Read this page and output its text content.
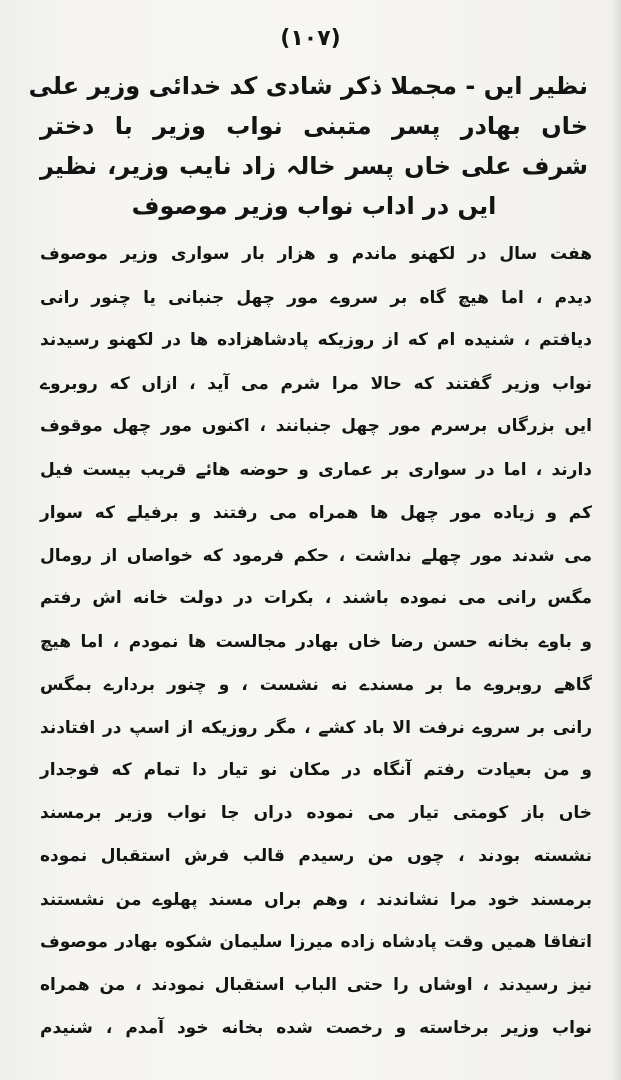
(۱۰۷)
نظیر ایں - مجملا ذکر شادی کد خدائی وزیر علی
خاں بهادر پسر متبنی نواب وزیر با دختر
شرف علی خاں پسر خالہ زاد نایب وزیر، نظیر
ایں در اداب نواب وزیر موصوف
هفت سال در لکهنو ماندم و هزار بار سواری وزیر موصوف
دیدم ، اما هیچ گاه بر سروے مور چهل جنبانی یا چنور رانی
دیافتم ، شنیده ام که از روزیکه پادشاهزاده ها در لکهنو رسیدند
نواب وزیر گفتند که حالا مرا شرم می آید ، ازاں که روبروے
ایں بزرگاں برسرم مور چهل جنبانند ، اکنوں مور چهل موقوف
دارند ، اما در سواری بر عماری و حوضه هائے قریب بیست فیل
کم و زیاده مور چهل ها همراه می رفتند و برفیلے که سوار
می شدند مور چهلے نداشت ، حکم فرمود که خواصاں از رومال
مگس رانی می نموده باشند ، بکرات در دولت خانه اش رفتم
و باوے بخانه حسن رضا خاں بهادر مجالست ها نمودم ، اما هیچ
گاهے روبروے ما بر مسندے نه نشست ، و چنور بردارے بمگس
رانی بر سروے نرفت الا باد کشے ، مگر روزیکه از اسپ در افتادند
و من بعیادت رفتم آنگاه در مکان نو تیار دا تمام که فوجدار
خاں باز کومتی تیار می نموده دراں جا نواب وزیر برمسند
نشسته بودند ، چوں من رسیدم قالب فرش استقبال نموده
برمسند خود مرا نشاندند ، وهم براں مسند پهلوے من نشستند
اتفاقا همیں وقت پادشاه زاده میرزا سلیمان شکوه بهادر موصوف
نیز رسیدند ، اوشاں را حتی الباب استقبال نمودند ، من همراه
نواب وزیر برخاسته و رخصت شده بخانه خود آمدم ، شنیدم
